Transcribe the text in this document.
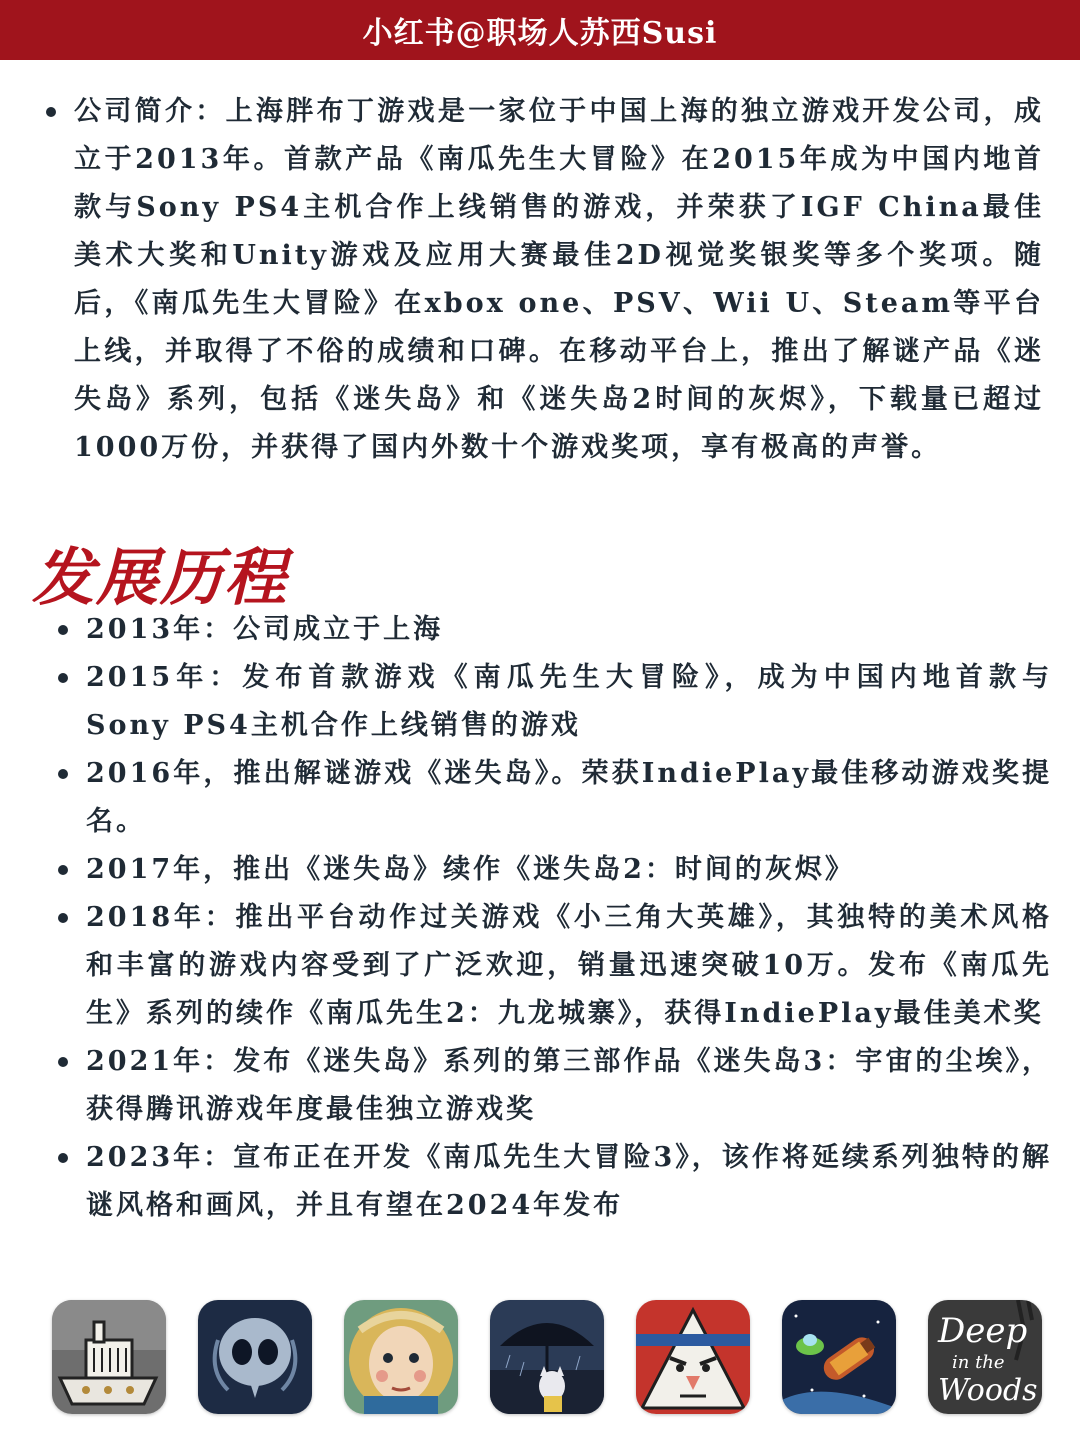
小红书@职场人苏西Susi
公司简介：上海胖布丁游戏是一家位于中国上海的独立游戏开发公司，成立于2013年。首款产品《南瓜先生大冒险》在2015年成为中国内地首款与Sony PS4主机合作上线销售的游戏，并荣获了IGF China最佳美术大奖和Unity游戏及应用大赛最佳2D视觉奖银奖等多个奖项。随后，《南瓜先生大冒险》在xbox one、PSV、Wii U、Steam等平台上线，并取得了不俗的成绩和口碑。在移动平台上，推出了解谜产品《迷失岛》系列，包括《迷失岛》和《迷失岛2时间的灰烬》，下载量已超过1000万份，并获得了国内外数十个游戏奖项，享有极高的声誉。
发展历程
2013年：公司成立于上海
2015年：发布首款游戏《南瓜先生大冒险》，成为中国内地首款与Sony PS4主机合作上线销售的游戏
2016年，推出解谜游戏《迷失岛》。荣获IndiePlay最佳移动游戏奖提名。
2017年，推出《迷失岛》续作《迷失岛2：时间的灰烬》
2018年：推出平台动作过关游戏《小三角大英雄》，其独特的美术风格和丰富的游戏内容受到了广泛欢迎，销量迅速突破10万。发布《南瓜先生》系列的续作《南瓜先生2：九龙城寨》，获得IndiePlay最佳美术奖
2021年：发布《迷失岛》系列的第三部作品《迷失岛3：宇宙的尘埃》，获得腾讯游戏年度最佳独立游戏奖
2023年：宣布正在开发《南瓜先生大冒险3》，该作将延续系列独特的解谜风格和画风，并且有望在2024年发布
Deep
in the
Woods
